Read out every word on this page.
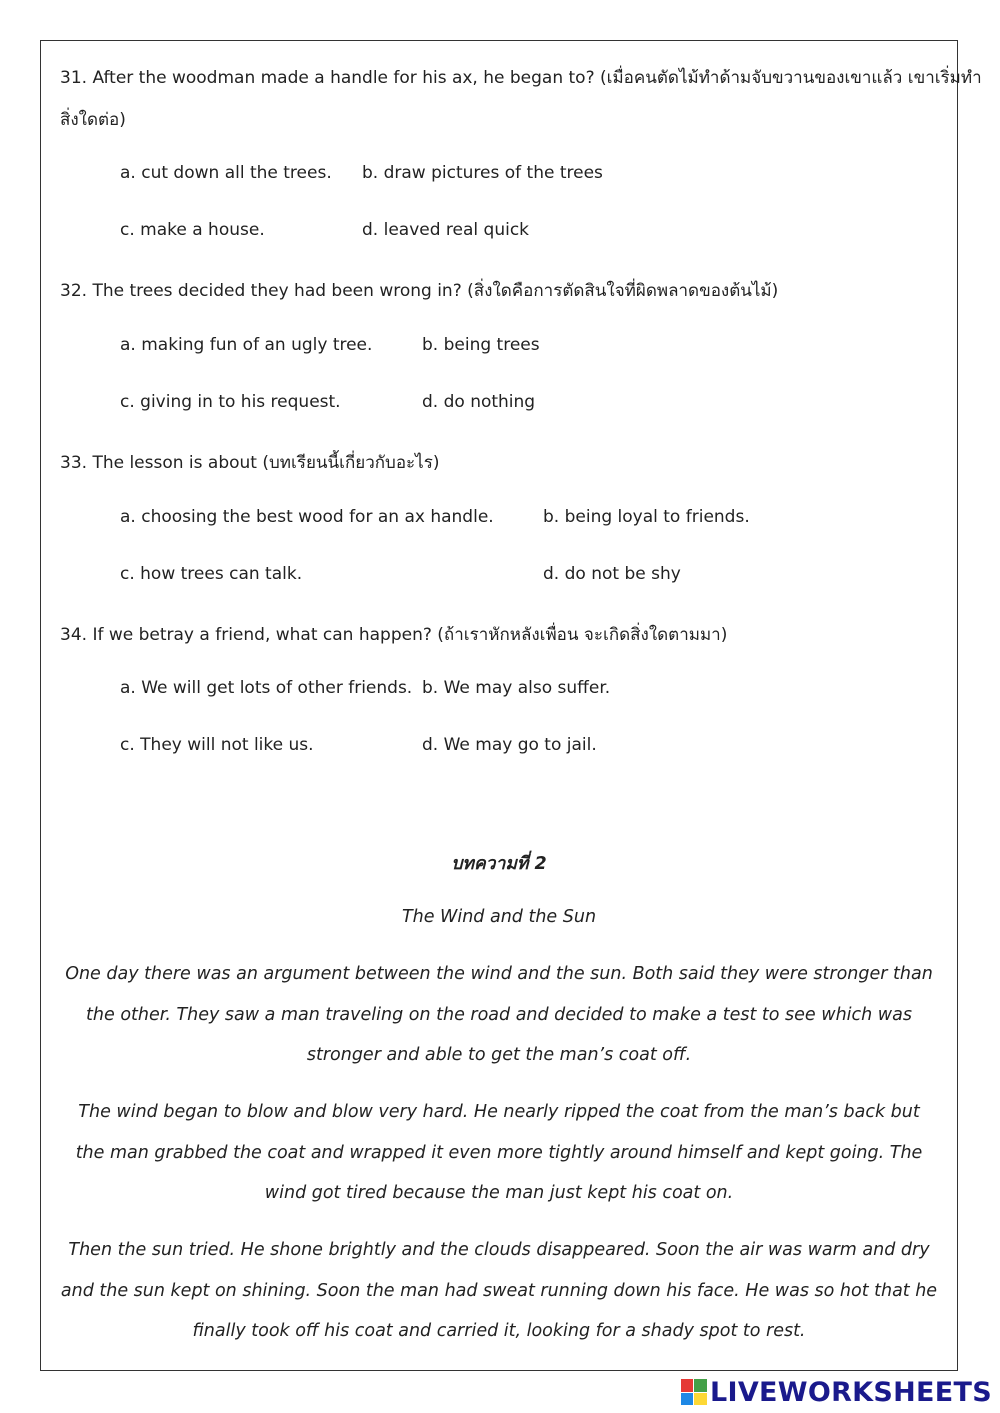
31. After the woodman made a handle for his ax, he began to? (เมื่อคนตัดไม้ทำด้ามจับขวานของเขาแล้ว เขาเริ่มทำ
สิ่งใดต่อ)
a. cut down all the trees. b. draw pictures of the trees
c. make a house.	d. leaved real quick
32. The trees decided they had been wrong in? (สิ่งใดคือการตัดสินใจที่ผิดพลาดของต้นไม้)
a. making fun of an ugly tree.	b. being trees
c. giving in to his request.	d. do nothing
33. The lesson is about (บทเรียนนี้เกี่ยวกับอะไร)
a. choosing the best wood for an ax handle.	b. being loyal to friends.
c. how trees can talk.	d. do not be shy
34. If we betray a friend, what can happen? (ถ้าเราหักหลังเพื่อน จะเกิดสิ่งใดตามมา)
a. We will get lots of other friends. b. We may also suffer.
c. They will not like us.	d. We may go to jail.
บทความที่ 2
The Wind and the Sun
One day there was an argument between the wind and the sun. Both said they were stronger than
the other. They saw a man traveling on the road and decided to make a test to see which was
stronger and able to get the man’s coat off.
The wind began to blow and blow very hard. He nearly ripped the coat from the man’s back but
the man grabbed the coat and wrapped it even more tightly around himself and kept going. The
wind got tired because the man just kept his coat on.
Then the sun tried. He shone brightly and the clouds disappeared. Soon the air was warm and dry
and the sun kept on shining. Soon the man had sweat running down his face. He was so hot that he
finally took off his coat and carried it, looking for a shady spot to rest.
LIVEWORKSHEETS
